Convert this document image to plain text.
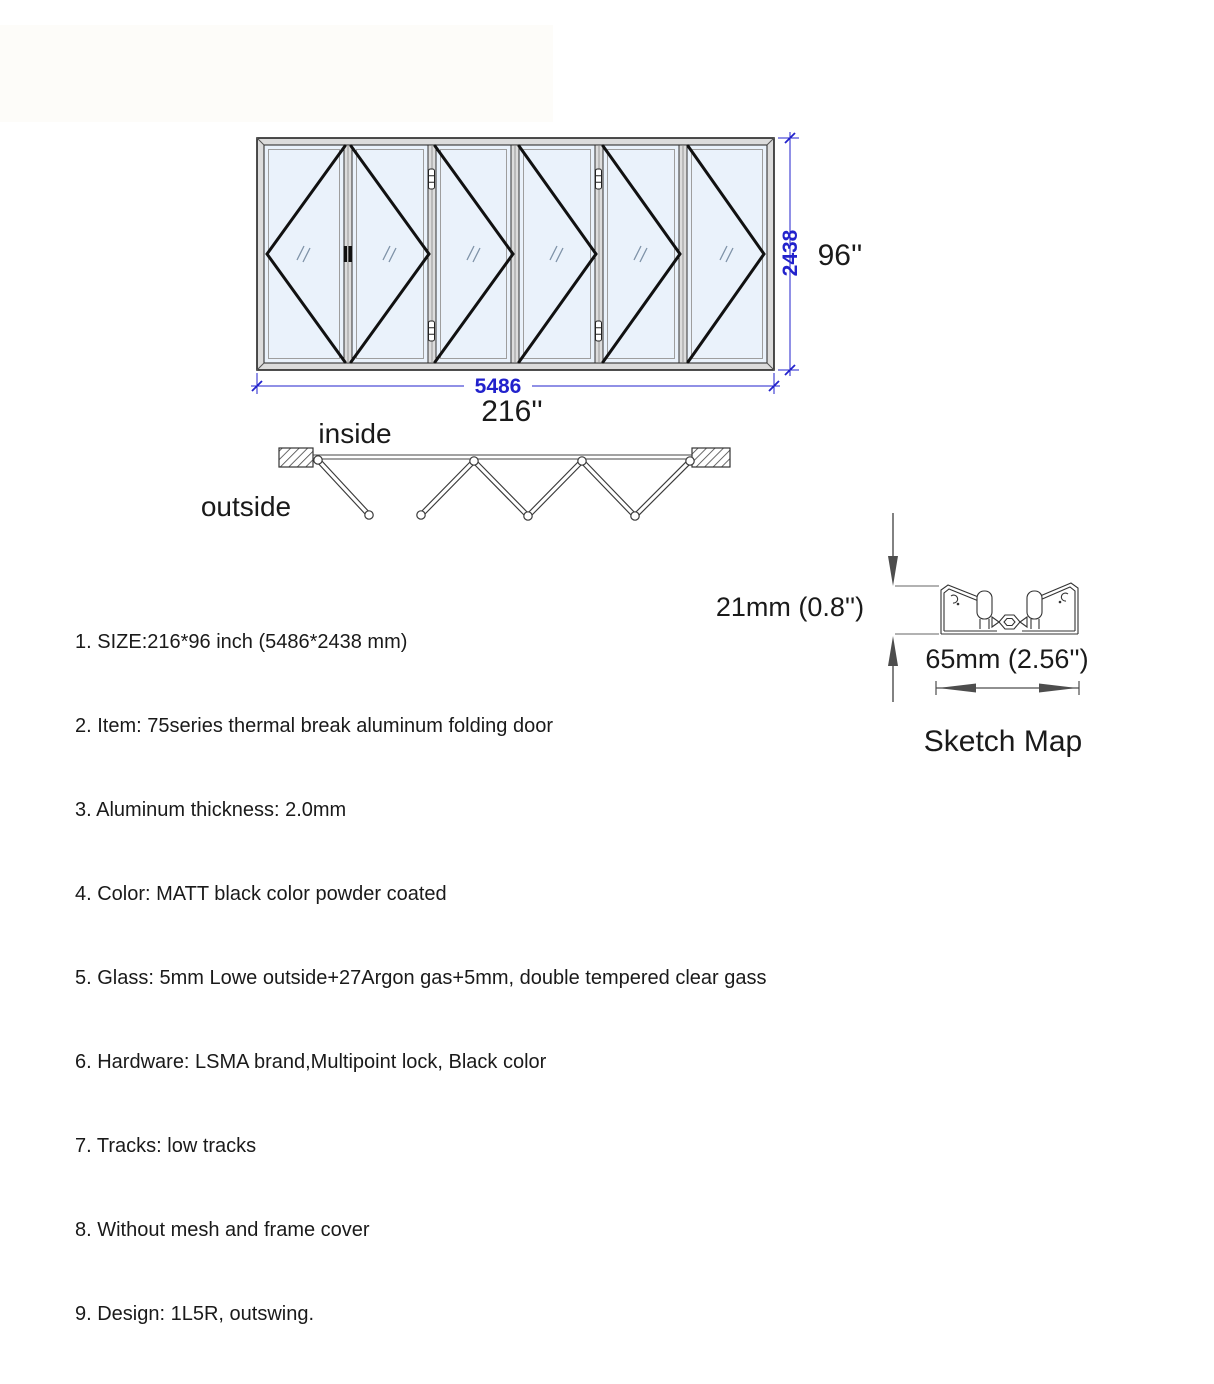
5486
216''
2438 96''
inside
outside
21mm (0.8'')
65mm (2.56'')
Sketch Map

1. SIZE:216*96 inch (5486*2438 mm)

2. Item: 75series thermal break aluminum folding door

3. Aluminum thickness: 2.0mm

4. Color: MATT black color powder coated

5. Glass: 5mm Lowe outside+27Argon gas+5mm, double tempered clear gass

6. Hardware: LSMA brand,Multipoint lock, Black color

7. Tracks: low tracks

8. Without mesh and frame cover

9. Design: 1L5R, outswing.
